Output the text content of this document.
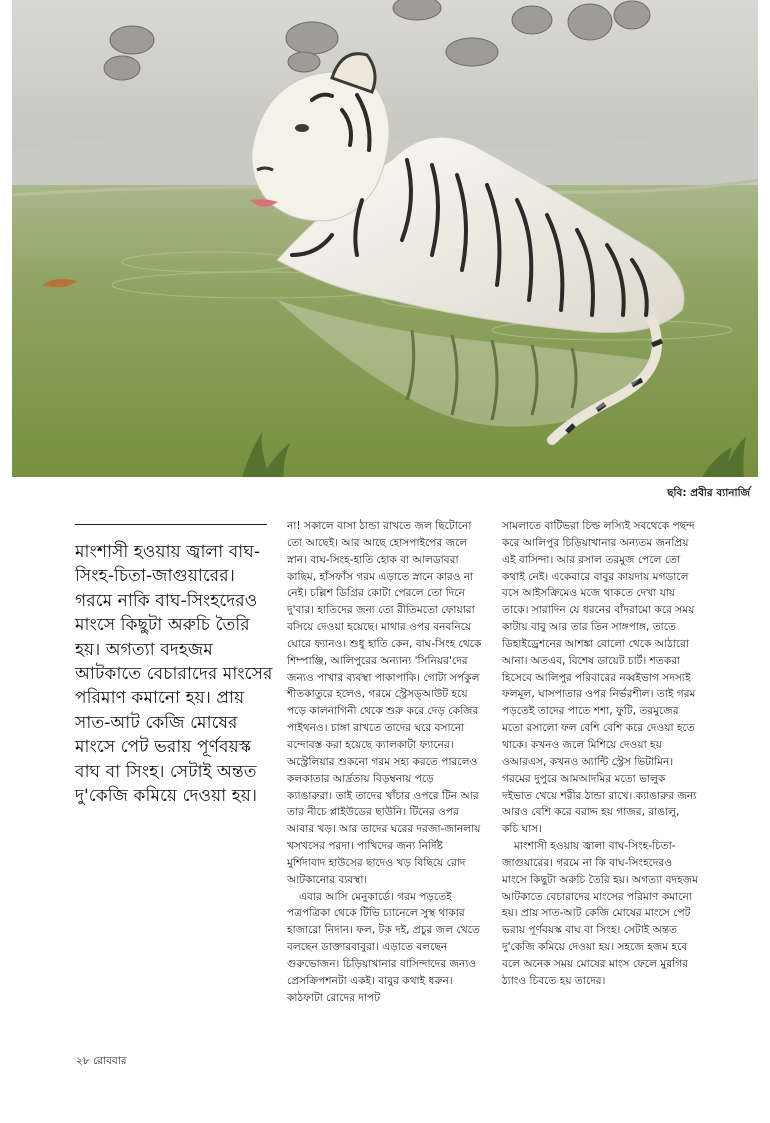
ছবি: প্রবীর ব্যানার্জি

মাংশাসী হওয়ায় জ্বালা বাঘ-সিংহ-চিতা-জাগুয়ারের। গরমে নাকি বাঘ-সিংহদেরও মাংসে কিছুটা অরুচি তৈরি হয়। অগত্যা বদহজম আটকাতে বেচারাদের মাংসের পরিমাণ কমানো হয়। প্রায় সাত-আট কেজি মোষের মাংসে পেট ভরায় পূর্ণবয়স্ক বাঘ বা সিংহ। সেটাই অন্তত দু'কেজি কমিয়ে দেওয়া হয়।

না! সকালে বাসা ঠান্ডা রাখতে জল ছিটোনো তো আছেই। আর আছে হোসপাইপের জলে স্নান। বাঘ-সিংহ-হাতি হোক বা আলডাবরা কাছিম, হাঁসফাঁস গরম এড়াতে স্নানে কারও না নেই। চল্লিশ ডিগ্রির কোটা পেরলে তো দিনে দু'বার। হাতিদের জন্য তো রীতিমতো ফোয়ারা বসিয়ে দেওয়া হয়েছে। মাথার ওপর বনবনিয়ে ঘোরে ফ্যানও। শুধু হাতি কেন, বাঘ-সিংহ থেকে শিম্পাঞ্জি, আলিপুরের অন্যান্য 'সিনিয়র'দের জন্যও পাখার ব্যবস্থা পাকাপাকি। গোটা সর্পকুল শীতকাতুরে হলেও, গরমে স্ট্রেসড্আউট হয়ে পড়ে কালনাগিনী থেকে শুরু করে দেড় কেজির পাইথনও। চাঙ্গা রাখতে তাদের ঘরে বসানো বন্দোবস্ত করা হয়েছে ক্যালকাটা ফ্যানের। অস্ট্রেলিয়ার শুকনো গরম সহ্য করতে পারলেও কলকাতার আর্দ্রতায় বিড়ম্বনায় পড়ে ক্যাঙারুরা। তাই তাদের খাঁচার ওপরে টিন আর তার নীচে প্লাইউডের ছাউনি। টিনের ওপর আবার খড়। আর তাদের ঘরের দরজা-জানলায় খসখসের পরদা। পাখিদের জন্য নির্দিষ্ট মুর্শিদাবাদ হাউসের ছাদেও খড় বিছিয়ে রোদ আটকানোর ব্যবস্থা।

এবার আসি মেনুকার্ডে। গরম পড়তেই পত্রপত্রিকা থেকে টিভি চ্যানেলে সুস্থ থাকার হাজারো নিদান। ফল, টক দই, প্রচুর জল খেতে বলছেন ডাক্তারবাবুরা। এড়াতে বলছেন গুরুভোজন। চিড়িয়াখানার বাসিন্দাদের জন্যও প্রেসক্রিপশনটা একই। বাবুর কথাই ধরুন। কাঠফাটা রোদের দাপট

সামলাতে বাটিভরা চিল্ড লস্যিই সবথেকে পছন্দ করে আলিপুর চিড়িয়াখানার অন্যতম জনপ্রিয় এই বাসিন্দা। আর রসাল তরমুজ পেলে তো কথাই নেই। একেবারে বাবুর কায়দায় মগডালে বসে আইসক্রিমেও মজে থাকতে দেখা যায় তাকে। সারাদিন যে ধরনের বাঁদরামো করে সময় কাটায় বাবু আর তার তিন সাঙ্গপাঙ্গ, তাতে ডিহাইড্রেশনের আশঙ্কা বোলো থেকে আঠারো আনা। অতএব, বিশেষ ডায়েট চার্ট। শতকরা হিসেবে আলিপুর পরিবারের নব্বইভাগ সদস্যই ফলমূল, ঘাসপাতার ওপর নির্ভরশীল। তাই গরম পড়তেই তাদের পাতে শশা, ফুটি, তরমুজের মতো রসালো ফল বেশি বেশি করে দেওয়া হতে থাকে। কখনও জলে মিশিয়ে দেওয়া হয় ওআরএস, কখনও অ্যান্টি স্ট্রেস ভিটামিন। গরমের দুপুরে আমআদমির মতো ভালুক দইভাত খেয়ে শরীর ঠান্ডা রাখে। ক্যাঙারুর জন্য আরও বেশি করে বরাদ্দ হয় গাজর, রাঙালু, কচি ঘাস।

মাংশাসী হওয়ায় জ্বালা বাঘ-সিংহ-চিতা-জাগুয়ারের। গরমে না কি বাঘ-সিংহদেরও মাংসে কিছুটা অরুচি তৈরি হয়। অগত্যা বদহজম আটকাতে বেচারাদের মাংসের পরিমাণ কমানো হয়। প্রায় সাত-আট কেজি মোষের মাংসে পেট ভরায় পূর্ণবয়স্ক বাঘ বা সিংহ। সেটাই অন্তত দু'কেজি কমিয়ে দেওয়া হয়। সহজে হজম হবে বলে অনেক সময় মোষের মাংস ফেলে মুরগির ঠ্যাংও চিবতে হয় তাদের।

২৮ রোববার
